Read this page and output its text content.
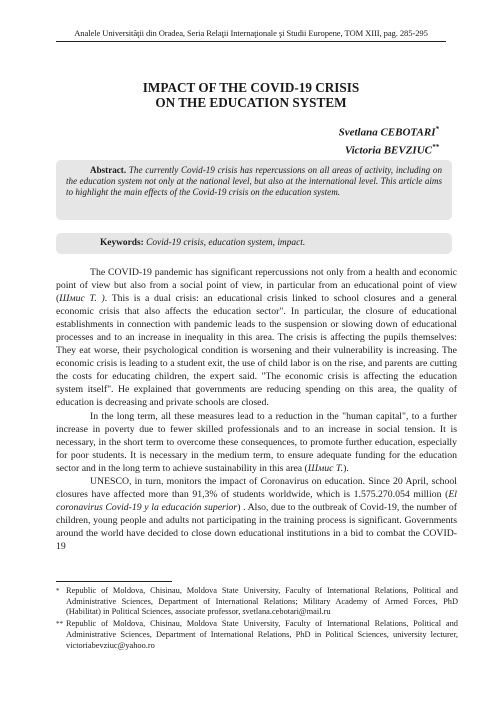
Analele Universităţii din Oradea, Seria Relaţii Internaţionale şi Studii Europene, TOM XIII, pag. 285-295
IMPACT OF THE COVID-19 CRISIS
ON THE EDUCATION SYSTEM
Svetlana CEBOTARI*
Victoria BEVZIUC**

Abstract. The currently Covid-19 crisis has repercussions on all areas of activity, including on the education system not only at the national level, but also at the international level. This article aims to highlight the main effects of the Covid-19 crisis on the education system.

Keywords: Covid-19 crisis, education system, impact.

The COVID-19 pandemic has significant repercussions not only from a health and economic point of view but also from a social point of view, in particular from an educational point of view (Шмис Т. ). This is a dual crisis: an educational crisis linked to school closures and a general economic crisis that also affects the education sector". In particular, the closure of educational establishments in connection with pandemic leads to the suspension or slowing down of educational processes and to an increase in inequality in this area. The crisis is affecting the pupils themselves: They eat worse, their psychological condition is worsening and their vulnerability is increasing. The economic crisis is leading to a student exit, the use of child labor is on the rise, and parents are cutting the costs for educating children, the expert said. "The economic crisis is affecting the education system itself". He explained that governments are reducing spending on this area, the quality of education is decreasing and private schools are closed.

In the long term, all these measures lead to a reduction in the "human capital", to a further increase in poverty due to fewer skilled professionals and to an increase in social tension. It is necessary, in the short term to overcome these consequences, to promote further education, especially for poor students. It is necessary in the medium term, to ensure adequate funding for the education sector and in the long term to achieve sustainability in this area (Шмис Т.).

UNESCO, in turn, monitors the impact of Coronavirus on education. Since 20 April, school closures have affected more than 91,3% of students worldwide, which is 1.575.270.054 million (El coronavirus Covid-19 y la educación superior) . Also, due to the outbreak of Covid-19, the number of children, young people and adults not participating in the training process is significant. Governments around the world have decided to close down educational institutions in a bid to combat the COVID-19

* Republic of Moldova, Chisinau, Moldova State University, Faculty of International Relations, Political and Administrative Sciences, Department of International Relations; Military Academy of Armed Forces, PhD (Habilitat) in Political Sciences, associate professor, svetlana.cebotari@mail.ru

** Republic of Moldova, Chisinau, Moldova State University, Faculty of International Relations, Political and Administrative Sciences, Department of International Relations, PhD in Political Sciences, university lecturer, victoriabevziuc@yahoo.ro
